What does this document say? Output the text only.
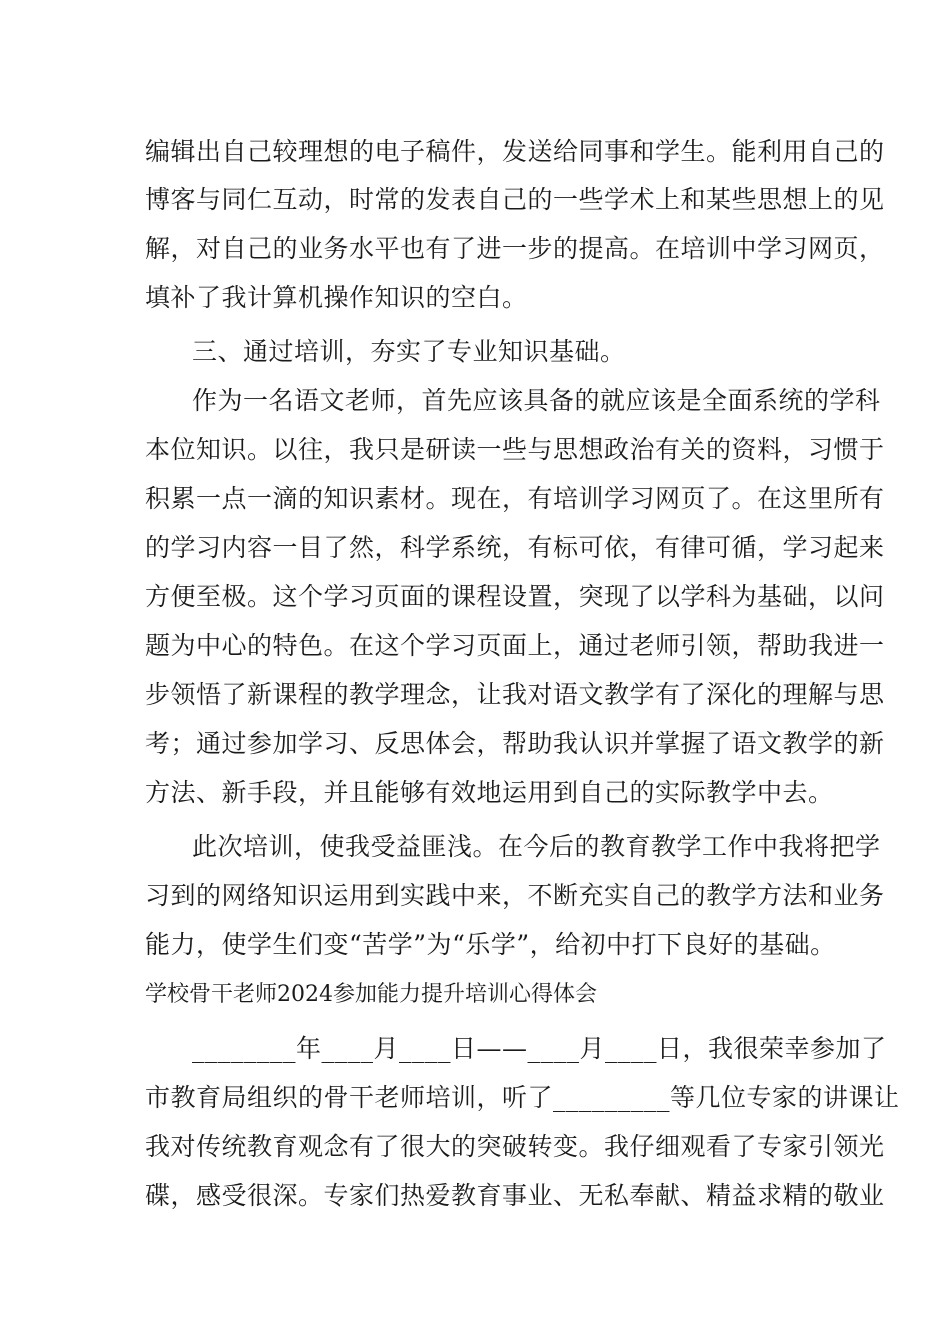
编辑出自己较理想的电子稿件，发送给同事和学生。能利用自己的
博客与同仁互动，时常的发表自己的一些学术上和某些思想上的见
解，对自己的业务水平也有了进一步的提高。在培训中学习网页，
填补了我计算机操作知识的空白。
三、通过培训，夯实了专业知识基础。
作为一名语文老师，首先应该具备的就应该是全面系统的学科
本位知识。以往，我只是研读一些与思想政治有关的资料，习惯于
积累一点一滴的知识素材。现在，有培训学习网页了。在这里所有
的学习内容一目了然，科学系统，有标可依，有律可循，学习起来
方便至极。这个学习页面的课程设置，突现了以学科为基础，以问
题为中心的特色。在这个学习页面上，通过老师引领，帮助我进一
步领悟了新课程的教学理念，让我对语文教学有了深化的理解与思
考；通过参加学习、反思体会，帮助我认识并掌握了语文教学的新
方法、新手段，并且能够有效地运用到自己的实际教学中去。
此次培训，使我受益匪浅。在今后的教育教学工作中我将把学
习到的网络知识运用到实践中来，不断充实自己的教学方法和业务
能力，使学生们变“苦学”为“乐学”，给初中打下良好的基础。
学校骨干老师2024参加能力提升培训心得体会
________年____月____日——____月____日，我很荣幸参加了
市教育局组织的骨干老师培训，听了_________等几位专家的讲课让
我对传统教育观念有了很大的突破转变。我仔细观看了专家引领光
碟，感受很深。专家们热爱教育事业、无私奉献、精益求精的敬业
